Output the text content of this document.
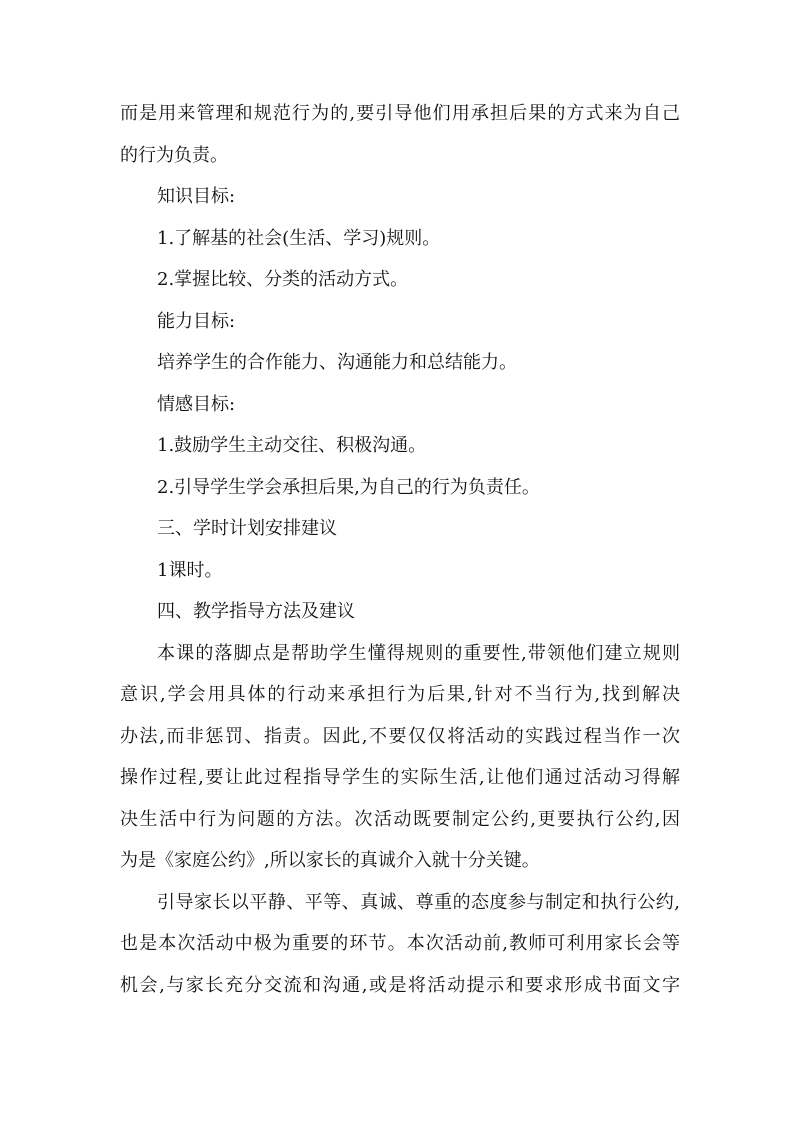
而是用来管理和规范行为的,要引导他们用承担后果的方式来为自己
的行为负责。
知识目标:
1.了解基的社会(生活、学习)规则。
2.掌握比较、分类的活动方式。
能力目标:
培养学生的合作能力、沟通能力和总结能力。
情感目标:
1.鼓励学生主动交往、积极沟通。
2.引导学生学会承担后果,为自己的行为负责任。
三、学时计划安排建议
1课时。
四、教学指导方法及建议
本课的落脚点是帮助学生懂得规则的重要性,带领他们建立规则
意识,学会用具体的行动来承担行为后果,针对不当行为,找到解决
办法,而非惩罚、指责。因此,不要仅仅将活动的实践过程当作一次
操作过程,要让此过程指导学生的实际生活,让他们通过活动习得解
决生活中行为问题的方法。次活动既要制定公约,更要执行公约,因
为是《家庭公约》,所以家长的真诚介入就十分关键。
引导家长以平静、平等、真诚、尊重的态度参与制定和执行公约,
也是本次活动中极为重要的环节。本次活动前,教师可利用家长会等
机会,与家长充分交流和沟通,或是将活动提示和要求形成书面文字
